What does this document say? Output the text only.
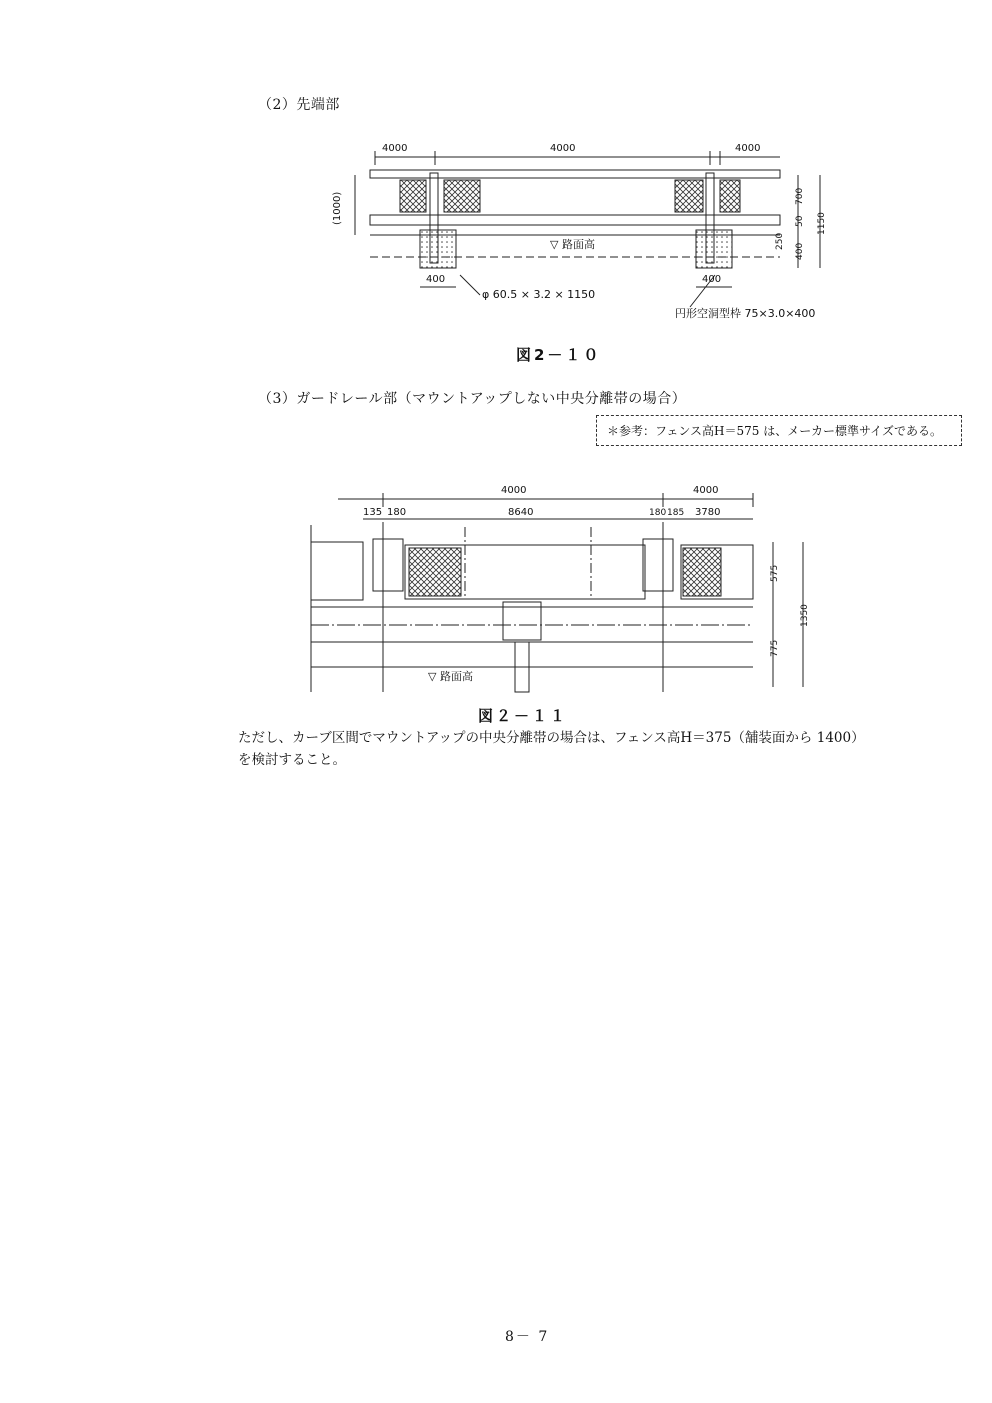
（2）先端部
4000	4000	4000
(1000)	700
50
250
400
1150
400	400
▽ 路面高
φ 60.5 × 3.2 × 1150
円形空洞型枠 75×3.0×400
図2－１０
（3）ガードレール部（マウントアップしない中央分離帯の場合）
＊参考：フェンス高H＝575 は、メーカー標準サイズである。
4000	4000
135 180	8640	180 185 3780
575
775
1350
▽ 路面高
図２－１１
ただし、カーブ区間でマウントアップの中央分離帯の場合は、フェンス高H＝375（舗装面から 1400）
を検討すること。
8－ 7
